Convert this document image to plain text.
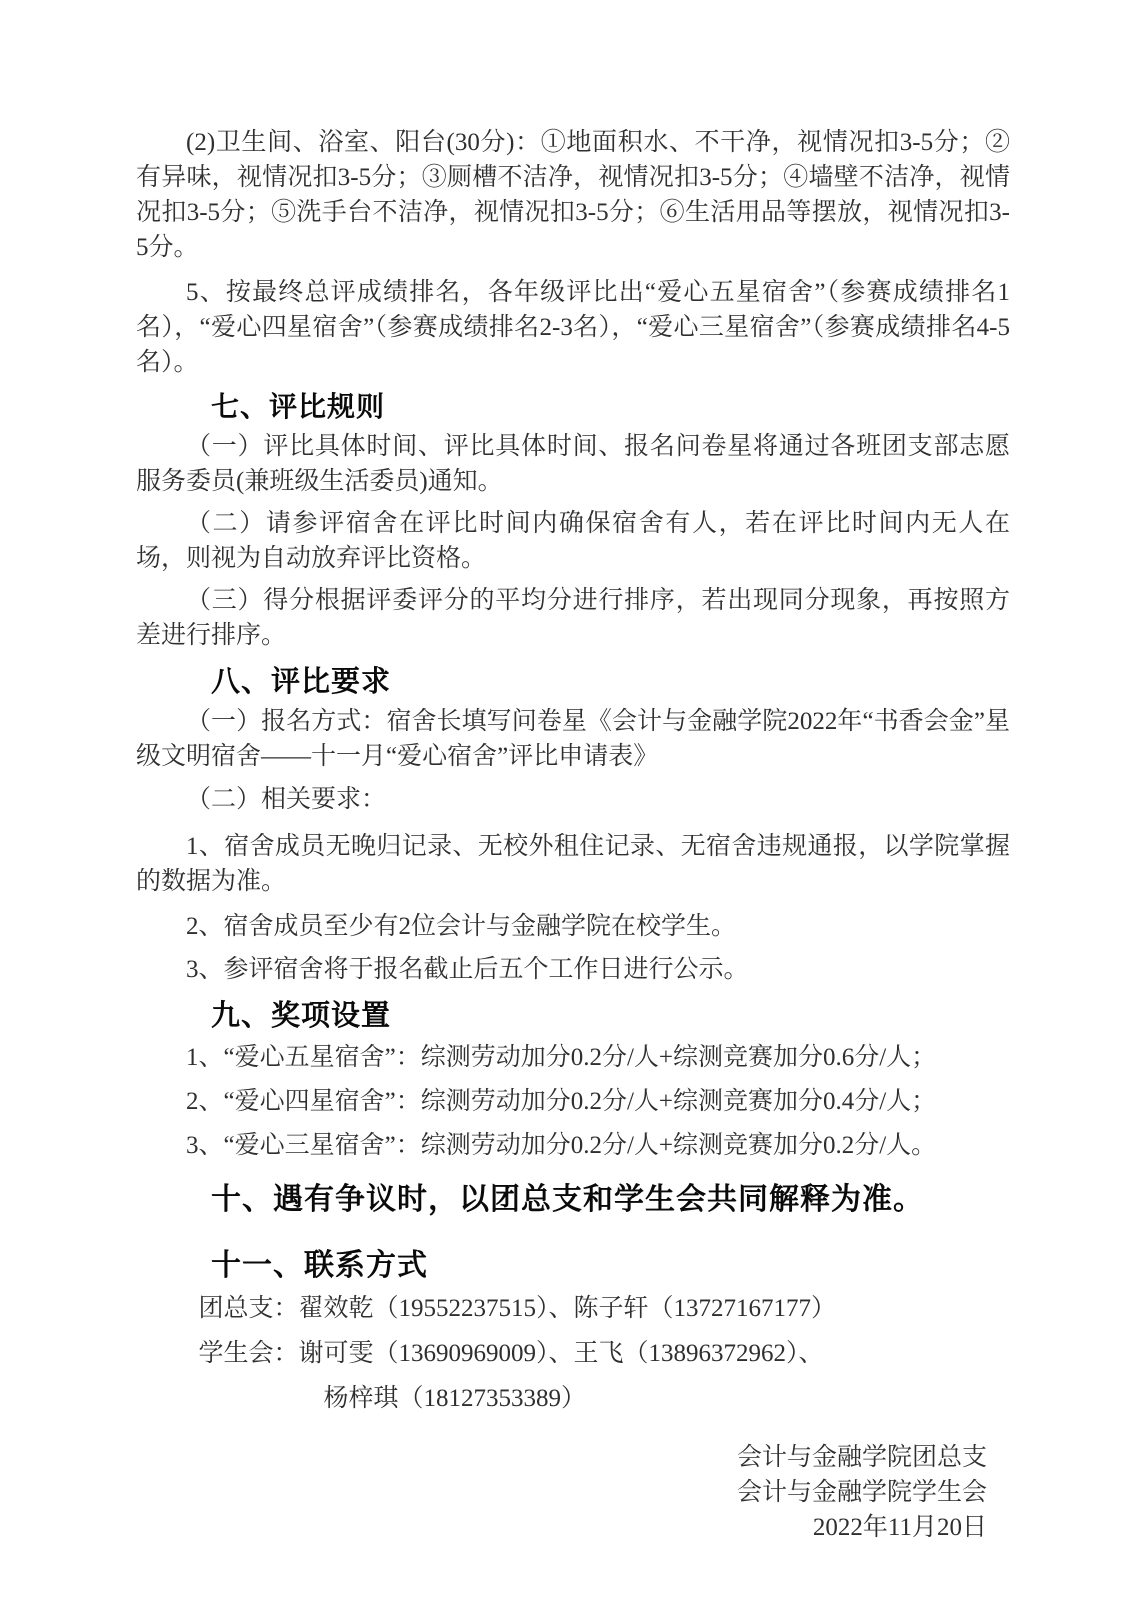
(2)卫生间、浴室、阳台(30分)：①地面积水、不干净，视情况扣3-5分；②有异味，视情况扣3-5分；③厕槽不洁净，视情况扣3-5分；④墙壁不洁净，视情况扣3-5分；⑤洗手台不洁净，视情况扣3-5分；⑥生活用品等摆放，视情况扣3-5分。

5、按最终总评成绩排名，各年级评比出“爱心五星宿舍”（参赛成绩排名1名），“爱心四星宿舍”（参赛成绩排名2-3名），“爱心三星宿舍”（参赛成绩排名4-5名）。

七、评比规则

（一）评比具体时间、评比具体时间、报名问卷星将通过各班团支部志愿服务委员(兼班级生活委员)通知。

（二）请参评宿舍在评比时间内确保宿舍有人，若在评比时间内无人在场，则视为自动放弃评比资格。

（三）得分根据评委评分的平均分进行排序，若出现同分现象，再按照方差进行排序。

八、评比要求

（一）报名方式：宿舍长填写问卷星《会计与金融学院2022年“书香会金”星级文明宿舍——十一月“爱心宿舍”评比申请表》

（二）相关要求：

1、宿舍成员无晚归记录、无校外租住记录、无宿舍违规通报，以学院掌握的数据为准。

2、宿舍成员至少有2位会计与金融学院在校学生。

3、参评宿舍将于报名截止后五个工作日进行公示。

九、奖项设置

1、“爱心五星宿舍”：综测劳动加分0.2分/人+综测竞赛加分0.6分/人；

2、“爱心四星宿舍”：综测劳动加分0.2分/人+综测竞赛加分0.4分/人；

3、“爱心三星宿舍”：综测劳动加分0.2分/人+综测竞赛加分0.2分/人。

十、遇有争议时，以团总支和学生会共同解释为准。
十一、联系方式

团总支：翟效乾（19552237515）、陈子轩（13727167177）

学生会：谢可雯（13690969009）、王飞（13896372962）、

杨梓琪（18127353389）

会计与金融学院团总支

会计与金融学院学生会

2022年11月20日
